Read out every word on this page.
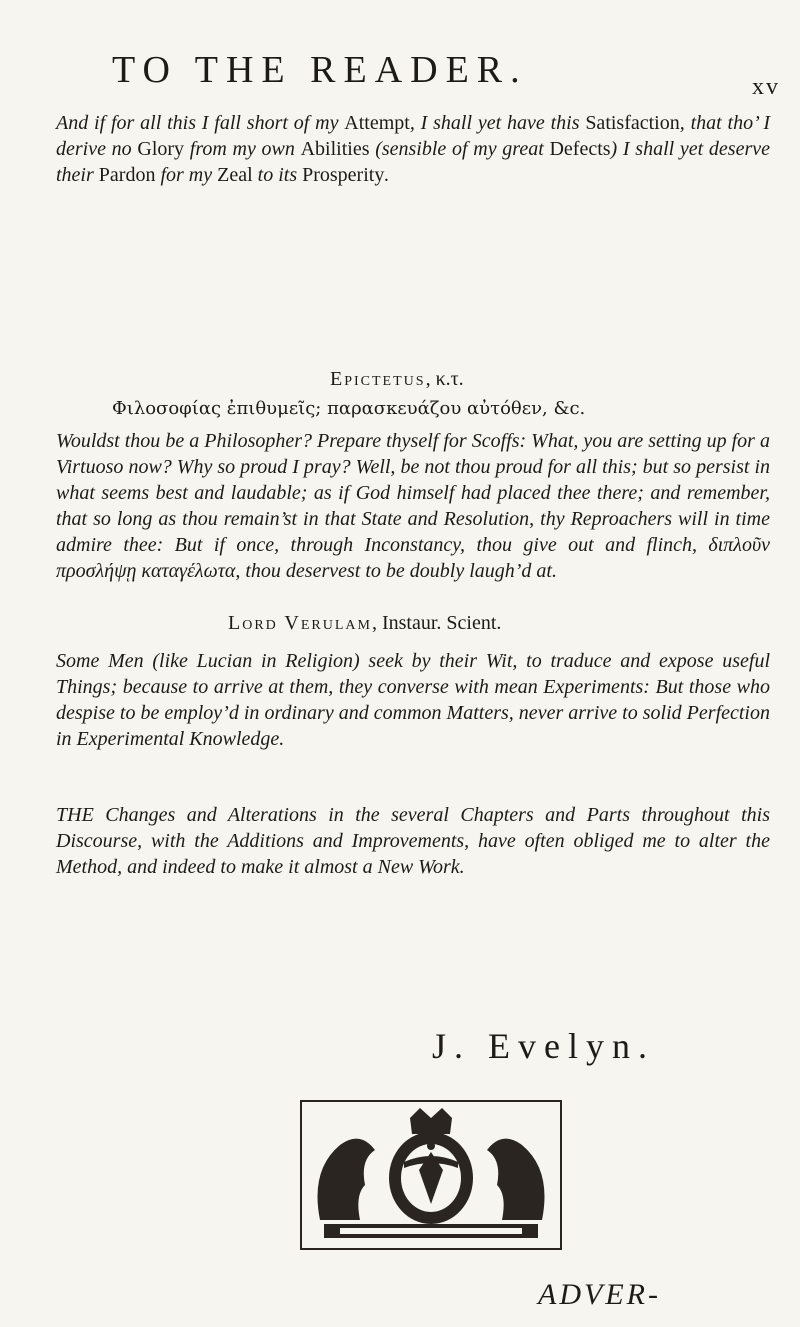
TO THE READER.	xv
And if for all this I fall short of my Attempt, I shall yet have this Satisfaction, that tho’ I derive no Glory from my own Abilities (sensible of my great Defects) I shall yet deserve their Pardon for my Zeal to its Prosperity.
Epictetus, κ.τ.
Φιλοσοφίας ἐπιθυμεῖς; παρασκευάζου αὐτόθεν, &c.
Wouldst thou be a Philosopher? Prepare thyself for Scoffs: What, you are setting up for a Virtuoso now? Why so proud I pray? Well, be not thou proud for all this; but so persist in what seems best and laudable; as if God himself had placed thee there; and remember, that so long as thou remain’st in that State and Resolution, thy Reproachers will in time admire thee: But if once, through Inconstancy, thou give out and flinch, διπλοῦν προσλήψῃ καταγέλωτα, thou deservest to be doubly laugh’d at.
Lord Verulam, Instaur. Scient.
Some Men (like Lucian in Religion) seek by their Wit, to traduce and expose useful Things; because to arrive at them, they converse with mean Experiments: But those who despise to be employ’d in ordinary and common Matters, never arrive to solid Perfection in Experimental Knowledge.
THE Changes and Alterations in the several Chapters and Parts throughout this Discourse, with the Additions and Improvements, have often obliged me to alter the Method, and indeed to make it almost a New Work.
J. Evelyn.
ADVER-
